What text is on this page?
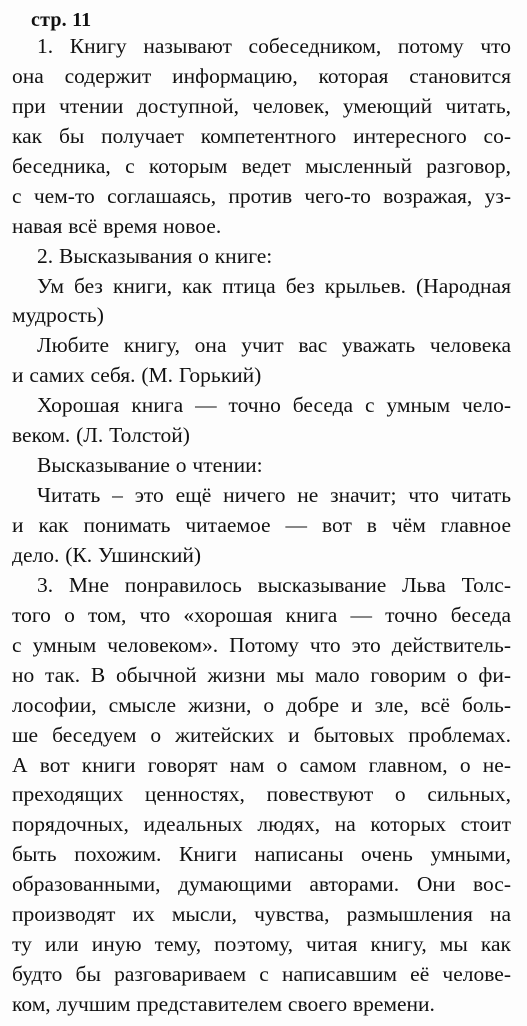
стр. 11
1. Книгу называют собеседником, потому что
она содержит информацию, которая становится
при чтении доступной, человек, умеющий читать,
как бы получает компетентного интересного со-
беседника, с которым ведет мысленный разговор,
с чем-то соглашаясь, против чего-то возражая, уз-
навая всё время новое.
2. Высказывания о книге:
Ум без книги, как птица без крыльев. (Народная
мудрость)
Любите книгу, она учит вас уважать человека
и самих себя. (М. Горький)
Хорошая книга — точно беседа с умным чело-
веком. (Л. Толстой)
Высказывание о чтении:
Читать – это ещё ничего не значит; что читать
и как понимать читаемое — вот в чём главное
дело. (К. Ушинский)
3. Мне понравилось высказывание Льва Толс-
того о том, что «хорошая книга — точно беседа
с умным человеком». Потому что это действитель-
но так. В обычной жизни мы мало говорим о фи-
лософии, смысле жизни, о добре и зле, всё боль-
ше беседуем о житейских и бытовых проблемах.
А вот книги говорят нам о самом главном, о не-
преходящих ценностях, повествуют о сильных,
порядочных, идеальных людях, на которых стоит
быть похожим. Книги написаны очень умными,
образованными, думающими авторами. Они вос-
производят их мысли, чувства, размышления на
ту или иную тему, поэтому, читая книгу, мы как
будто бы разговариваем с написавшим её челове-
ком, лучшим представителем своего времени.
